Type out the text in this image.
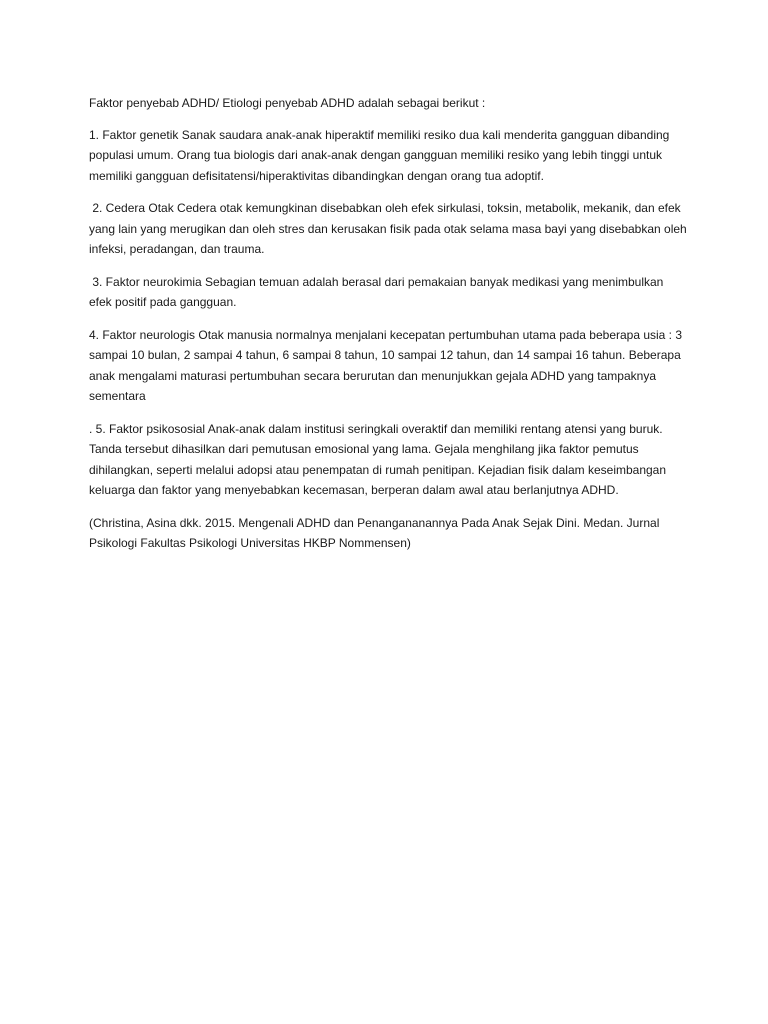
Faktor penyebab ADHD/ Etiologi penyebab ADHD adalah sebagai berikut :

1. Faktor genetik Sanak saudara anak-anak hiperaktif memiliki resiko dua kali menderita gangguan dibanding populasi umum. Orang tua biologis dari anak-anak dengan gangguan memiliki resiko yang lebih tinggi untuk memiliki gangguan defisitatensi/hiperaktivitas dibandingkan dengan orang tua adoptif.

2. Cedera Otak Cedera otak kemungkinan disebabkan oleh efek sirkulasi, toksin, metabolik, mekanik, dan efek yang lain yang merugikan dan oleh stres dan kerusakan fisik pada otak selama masa bayi yang disebabkan oleh infeksi, peradangan, dan trauma.

3. Faktor neurokimia Sebagian temuan adalah berasal dari pemakaian banyak medikasi yang menimbulkan efek positif pada gangguan.

4. Faktor neurologis Otak manusia normalnya menjalani kecepatan pertumbuhan utama pada beberapa usia : 3 sampai 10 bulan, 2 sampai 4 tahun, 6 sampai 8 tahun, 10 sampai 12 tahun, dan 14 sampai 16 tahun. Beberapa anak mengalami maturasi pertumbuhan secara berurutan dan menunjukkan gejala ADHD yang tampaknya sementara

. 5. Faktor psikososial Anak-anak dalam institusi seringkali overaktif dan memiliki rentang atensi yang buruk. Tanda tersebut dihasilkan dari pemutusan emosional yang lama. Gejala menghilang jika faktor pemutus dihilangkan, seperti melalui adopsi atau penempatan di rumah penitipan. Kejadian fisik dalam keseimbangan keluarga dan faktor yang menyebabkan kecemasan, berperan dalam awal atau berlanjutnya ADHD.

(Christina, Asina dkk. 2015. Mengenali ADHD dan Penangananannya Pada Anak Sejak Dini. Medan. Jurnal Psikologi Fakultas Psikologi Universitas HKBP Nommensen)
